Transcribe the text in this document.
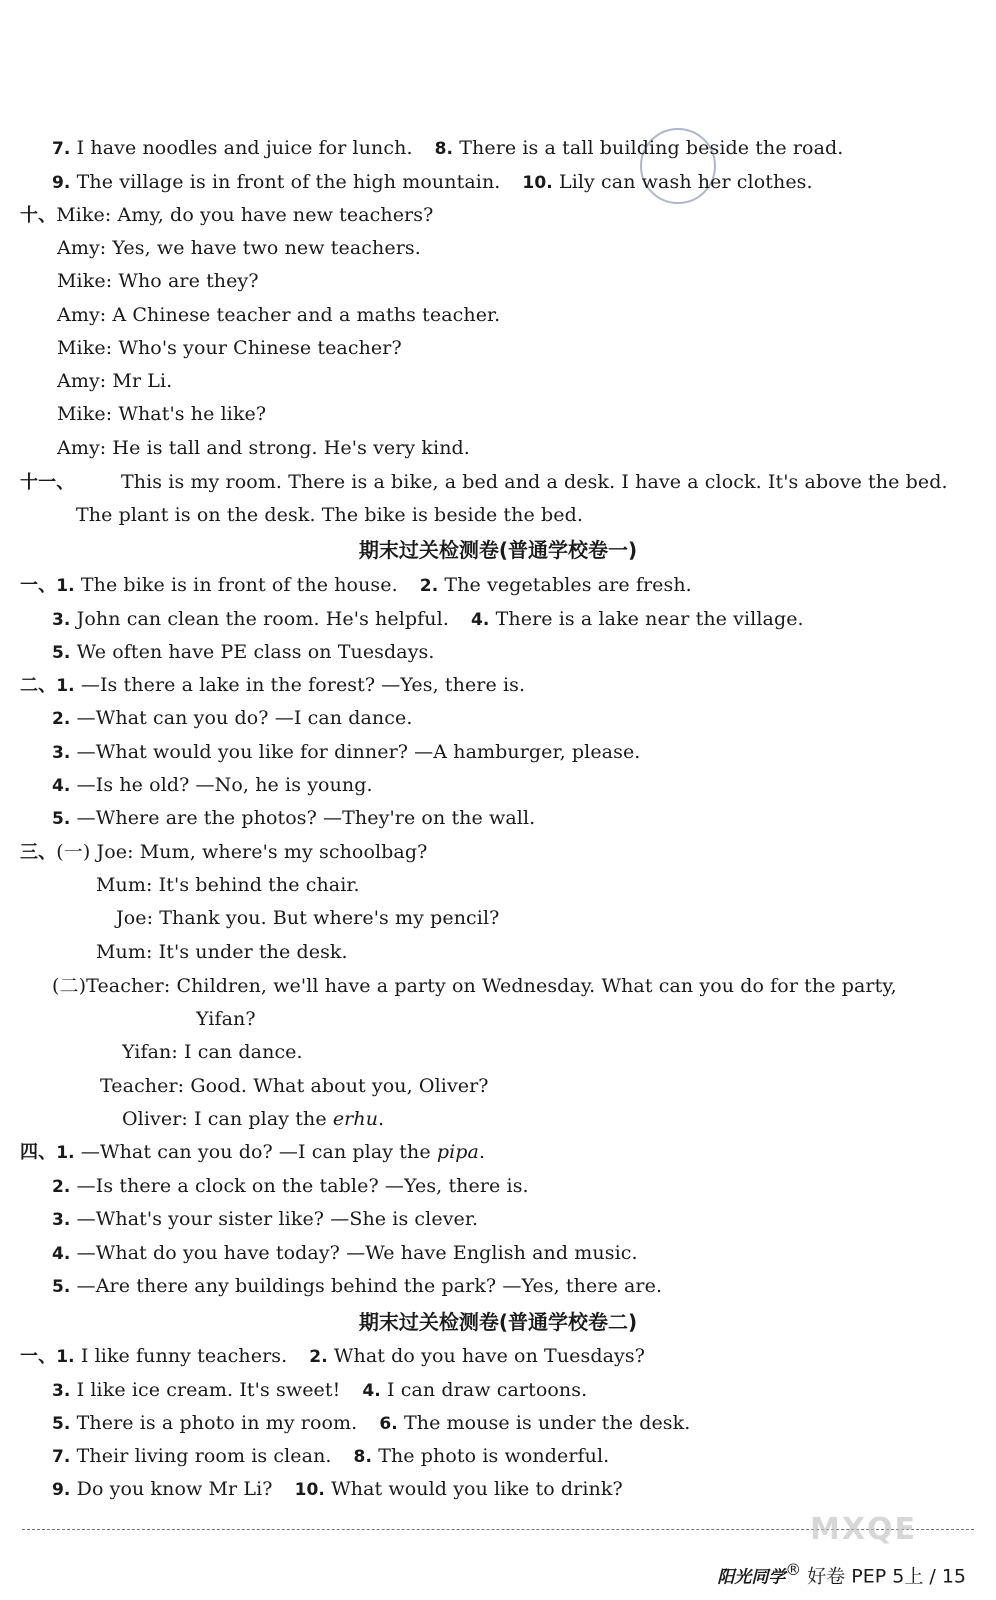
7. I have noodles and juice for lunch. 8. There is a tall building beside the road.
9. The village is in front of the high mountain. 10. Lily can wash her clothes.
十、Mike: Amy, do you have new teachers?
Amy: Yes, we have two new teachers.
Mike: Who are they?
Amy: A Chinese teacher and a maths teacher.
Mike: Who's your Chinese teacher?
Amy: Mr Li.
Mike: What's he like?
Amy: He is tall and strong. He's very kind.
十一、 This is my room. There is a bike, a bed and a desk. I have a clock. It's above the bed.
The plant is on the desk. The bike is beside the bed.
期末过关检测卷(普通学校卷一)
一、1. The bike is in front of the house. 2. The vegetables are fresh.
3. John can clean the room. He's helpful. 4. There is a lake near the village.
5. We often have PE class on Tuesdays.
二、1. —Is there a lake in the forest? —Yes, there is.
2. —What can you do? —I can dance.
3. —What would you like for dinner? —A hamburger, please.
4. —Is he old? —No, he is young.
5. —Where are the photos? —They're on the wall.
三、(一) Joe: Mum, where's my schoolbag?
Mum: It's behind the chair.
Joe: Thank you. But where's my pencil?
Mum: It's under the desk.
(二)Teacher: Children, we'll have a party on Wednesday. What can you do for the party,
Yifan?
Yifan: I can dance.
Teacher: Good. What about you, Oliver?
Oliver: I can play the erhu.
四、1. —What can you do? —I can play the pipa.
2. —Is there a clock on the table? —Yes, there is.
3. —What's your sister like? —She is clever.
4. —What do you have today? —We have English and music.
5. —Are there any buildings behind the park? —Yes, there are.
期末过关检测卷(普通学校卷二)
一、1. I like funny teachers. 2. What do you have on Tuesdays?
3. I like ice cream. It's sweet! 4. I can draw cartoons.
5. There is a photo in my room. 6. The mouse is under the desk.
7. Their living room is clean. 8. The photo is wonderful.
9. Do you know Mr Li? 10. What would you like to drink?
MXQE
阳光同学® 好卷 PEP 5上 / 15
